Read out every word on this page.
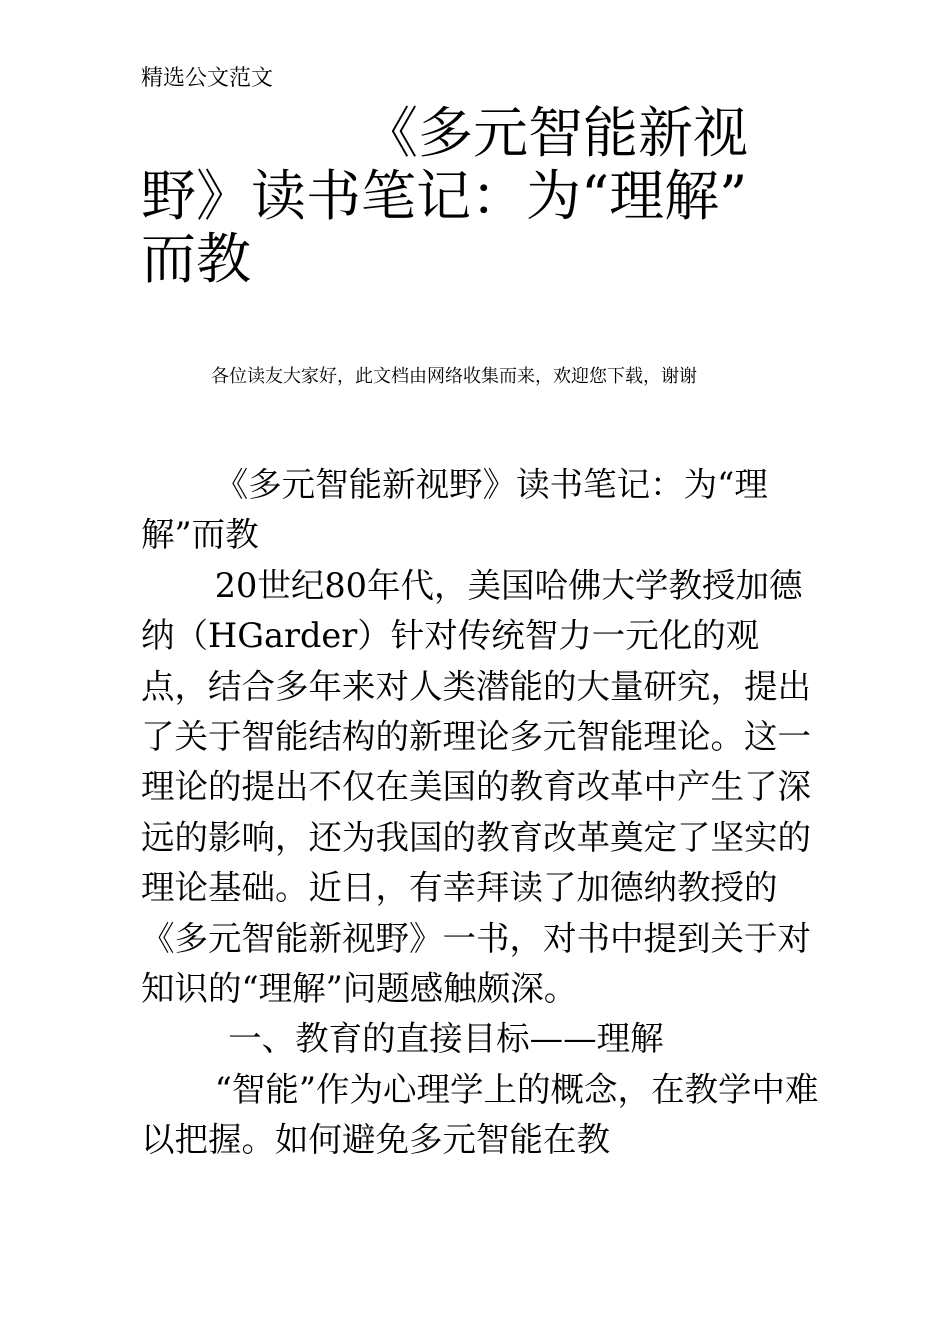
精选公文范文
《多元智能新视
野》读书笔记：为“理解”
而教
各位读友大家好，此文档由网络收集而来，欢迎您下载，谢谢

《多元智能新视野》读书笔记：为“理解”而教

20世纪80年代，美国哈佛大学教授加德纳（HGarder）针对传统智力一元化的观点，结合多年来对人类潜能的大量研究，提出了关于智能结构的新理论多元智能理论。这一理论的提出不仅在美国的教育改革中产生了深远的影响，还为我国的教育改革奠定了坚实的理论基础。近日，有幸拜读了加德纳教授的《多元智能新视野》一书，对书中提到关于对知识的“理解”问题感触颇深。

一、教育的直接目标——理解

“智能”作为心理学上的概念，在教学中难以把握。如何避免多元智能在教
